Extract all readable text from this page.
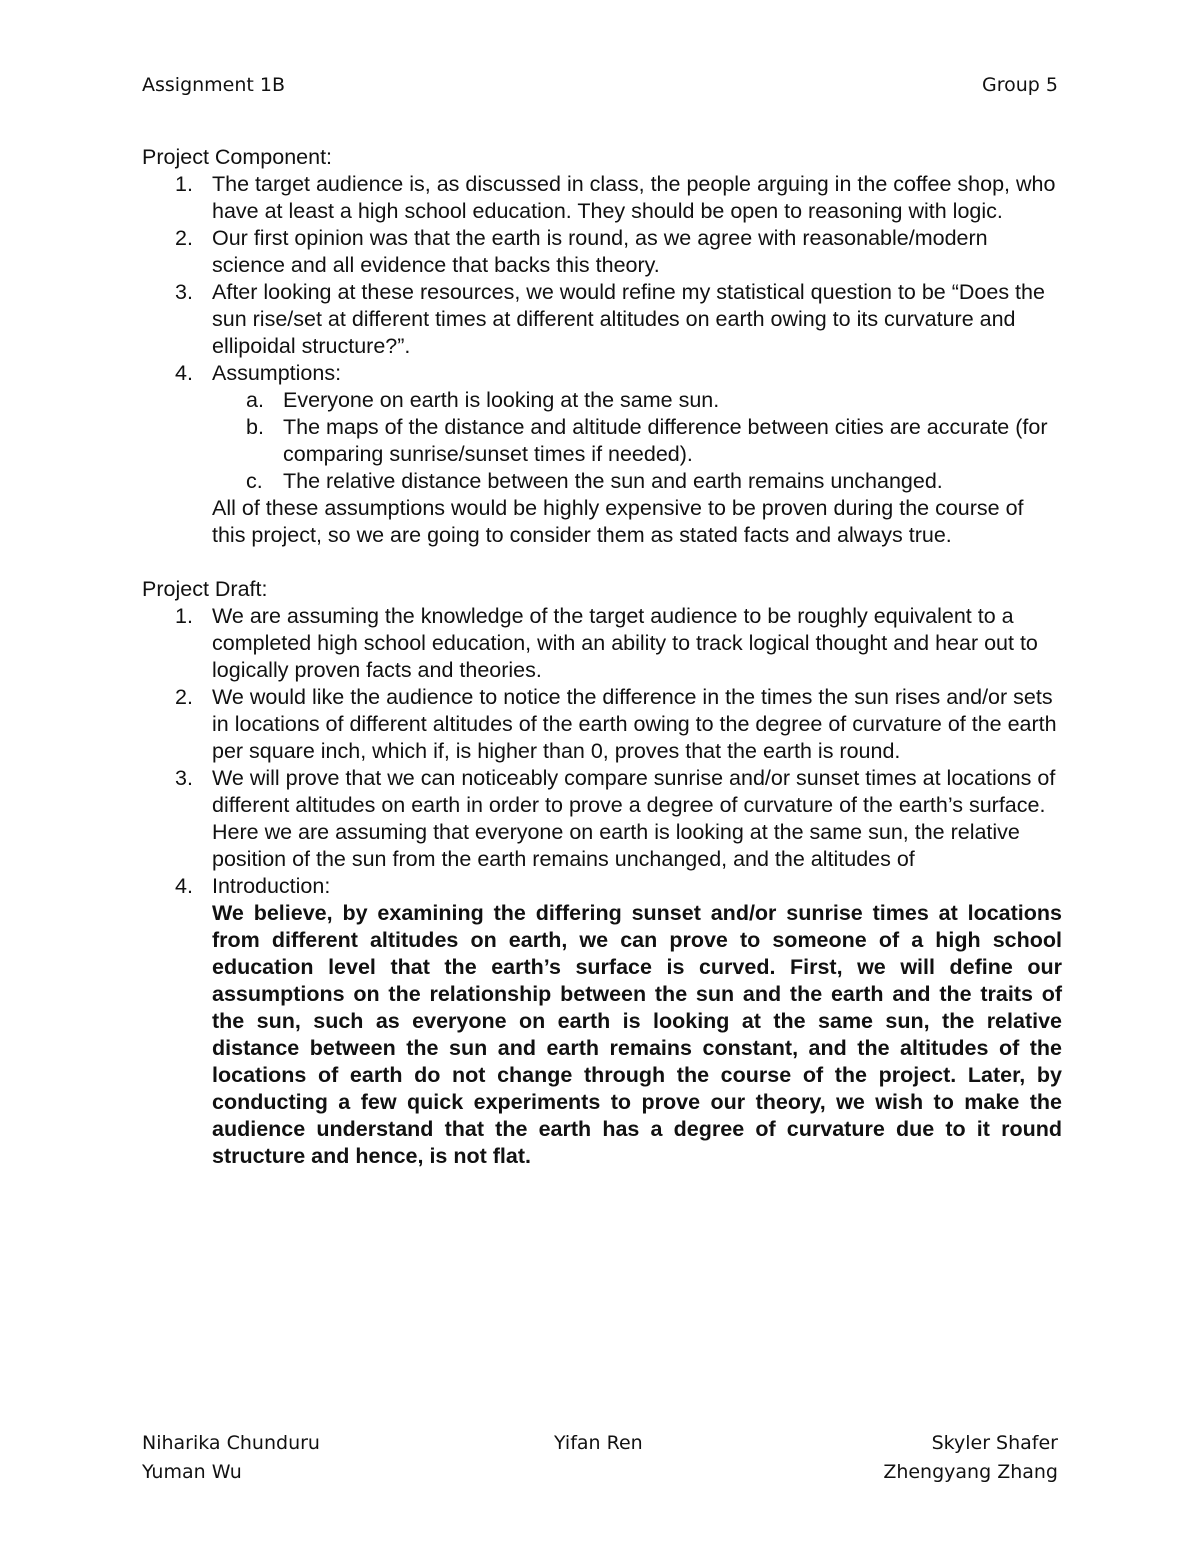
Assignment 1B	Group 5
Project Component:
1. The target audience is, as discussed in class, the people arguing in the coffee shop, who have at least a high school education. They should be open to reasoning with logic.
2. Our first opinion was that the earth is round, as we agree with reasonable/modern science and all evidence that backs this theory.
3. After looking at these resources, we would refine my statistical question to be “Does the sun rise/set at different times at different altitudes on earth owing to its curvature and ellipoidal structure?”.
4. Assumptions:
a. Everyone on earth is looking at the same sun.
b. The maps of the distance and altitude difference between cities are accurate (for comparing sunrise/sunset times if needed).
c. The relative distance between the sun and earth remains unchanged.
All of these assumptions would be highly expensive to be proven during the course of this project, so we are going to consider them as stated facts and always true.
Project Draft:
1. We are assuming the knowledge of the target audience to be roughly equivalent to a completed high school education, with an ability to track logical thought and hear out to logically proven facts and theories.
2. We would like the audience to notice the difference in the times the sun rises and/or sets in locations of different altitudes of the earth owing to the degree of curvature of the earth per square inch, which if, is higher than 0, proves that the earth is round.
3. We will prove that we can noticeably compare sunrise and/or sunset times at locations of different altitudes on earth in order to prove a degree of curvature of the earth’s surface. Here we are assuming that everyone on earth is looking at the same sun, the relative position of the sun from the earth remains unchanged, and the altitudes of
4. Introduction:
We believe, by examining the differing sunset and/or sunrise times at locations from different altitudes on earth, we can prove to someone of a high school education level that the earth’s surface is curved. First, we will define our assumptions on the relationship between the sun and the earth and the traits of the sun, such as everyone on earth is looking at the same sun, the relative distance between the sun and earth remains constant, and the altitudes of the locations of earth do not change through the course of the project. Later, by conducting a few quick experiments to prove our theory, we wish to make the audience understand that the earth has a degree of curvature due to it round structure and hence, is not flat.
Niharika Chunduru	Yifan Ren	Skyler Shafer
Yuman Wu	Zhengyang Zhang
